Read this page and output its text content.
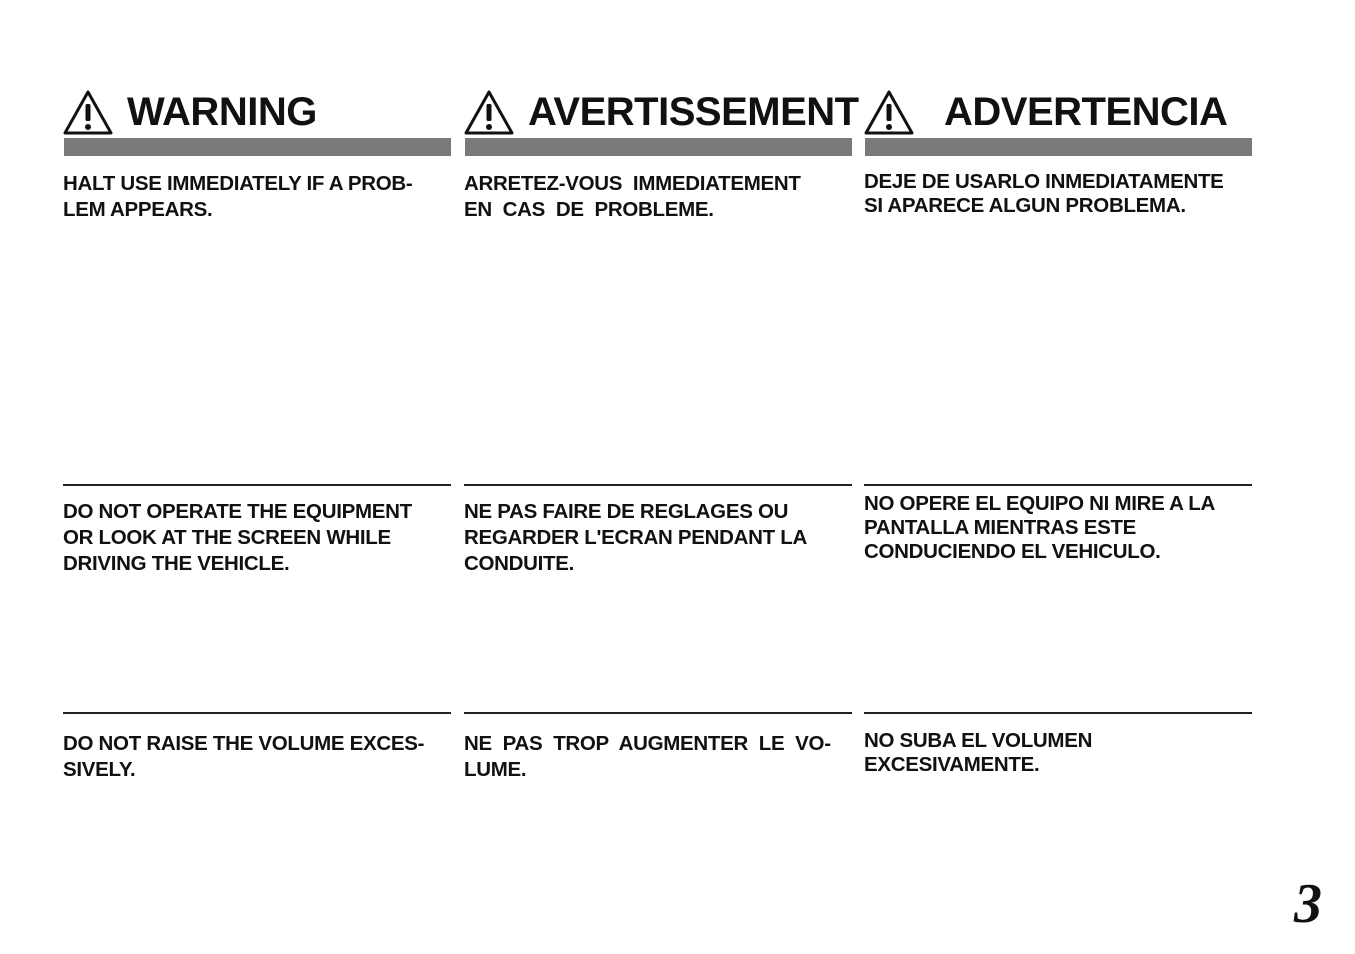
WARNING

HALT USE IMMEDIATELY IF A PROB-
LEM APPEARS.

DO NOT OPERATE THE EQUIPMENT
OR LOOK AT THE SCREEN WHILE
DRIVING THE VEHICLE.

DO NOT RAISE THE VOLUME EXCES-
SIVELY.

AVERTISSEMENT

ARRETEZ-VOUS  IMMEDIATEMENT
EN  CAS  DE  PROBLEME.

NE PAS FAIRE DE REGLAGES OU
REGARDER L'ECRAN PENDANT LA
CONDUITE.

NE  PAS  TROP  AUGMENTER  LE  VO-
LUME.

ADVERTENCIA

DEJE DE USARLO INMEDIATAMENTE
SI APARECE ALGUN PROBLEMA.

NO OPERE EL EQUIPO NI MIRE A LA
PANTALLA MIENTRAS ESTE
CONDUCIENDO EL VEHICULO.

NO SUBA EL VOLUMEN
EXCESIVAMENTE.

3
